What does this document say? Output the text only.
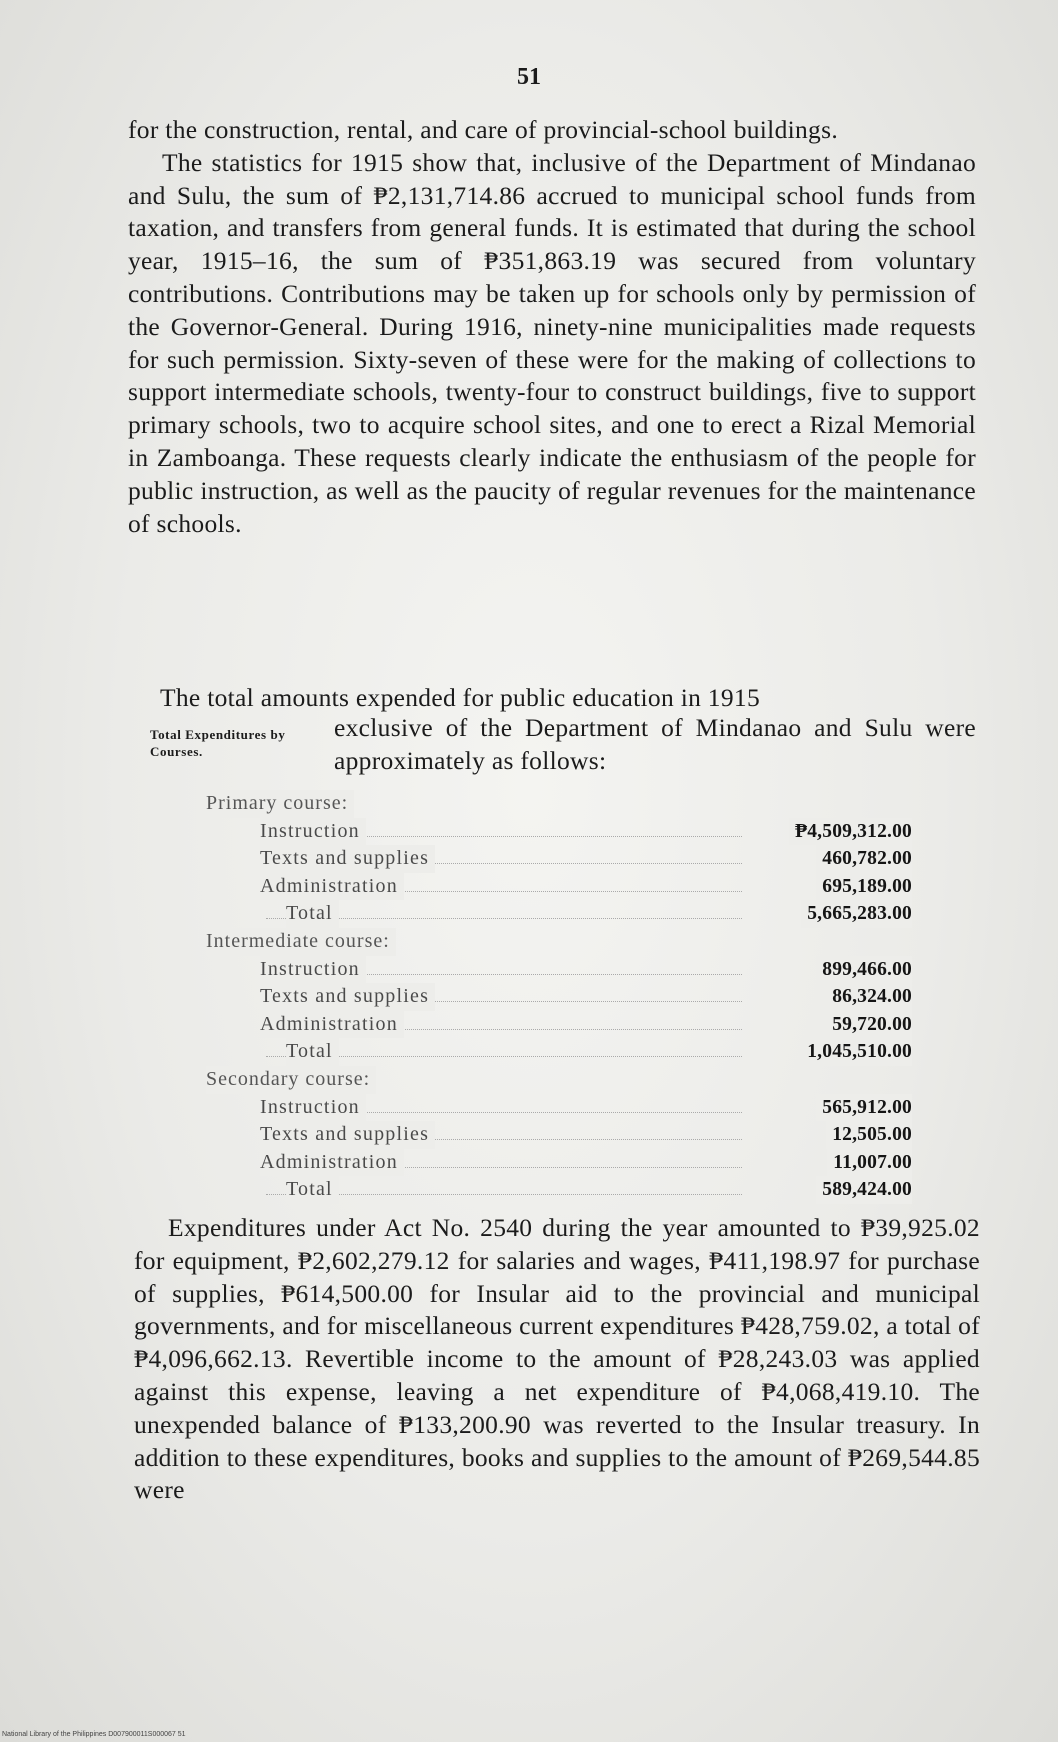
51

for the construction, rental, and care of provincial-school buildings.

The statistics for 1915 show that, inclusive of the Department of Mindanao and Sulu, the sum of ₱2,131,714.86 accrued to municipal school funds from taxation, and transfers from general funds. It is estimated that during the school year, 1915–16, the sum of ₱351,863.19 was secured from voluntary contributions. Contributions may be taken up for schools only by permission of the Governor-General. During 1916, ninety-nine municipalities made requests for such permission. Sixty-seven of these were for the making of collections to support intermediate schools, twenty-four to construct buildings, five to support primary schools, two to acquire school sites, and one to erect a Rizal Memorial in Zamboanga. These requests clearly indicate the enthusiasm of the people for public instruction, as well as the paucity of regular revenues for the maintenance of schools.

The total amounts expended for public education in 1915
Total Expenditures by Courses.
exclusive of the Department of Mindanao and Sulu were approximately as follows:
Primary course:
Instruction	₱4,509,312.00
Texts and supplies	460,782.00
Administration	695,189.00
Total	5,665,283.00
Intermediate course:
Instruction	899,466.00
Texts and supplies	86,324.00
Administration	59,720.00
Total	1,045,510.00
Secondary course:
Instruction	565,912.00
Texts and supplies	12,505.00
Administration	11,007.00
Total	589,424.00

Expenditures under Act No. 2540 during the year amounted to ₱39,925.02 for equipment, ₱2,602,279.12 for salaries and wages, ₱411,198.97 for purchase of supplies, ₱614,500.00 for Insular aid to the provincial and municipal governments, and for miscellaneous current expenditures ₱428,759.02, a total of ₱4,096,662.13. Revertible income to the amount of ₱28,243.03 was applied against this expense, leaving a net expenditure of ₱4,068,419.10. The unexpended balance of ₱133,200.90 was reverted to the Insular treasury. In addition to these expenditures, books and supplies to the amount of ₱269,544.85 were

National Library of the Philippines D007900011S000067 51
